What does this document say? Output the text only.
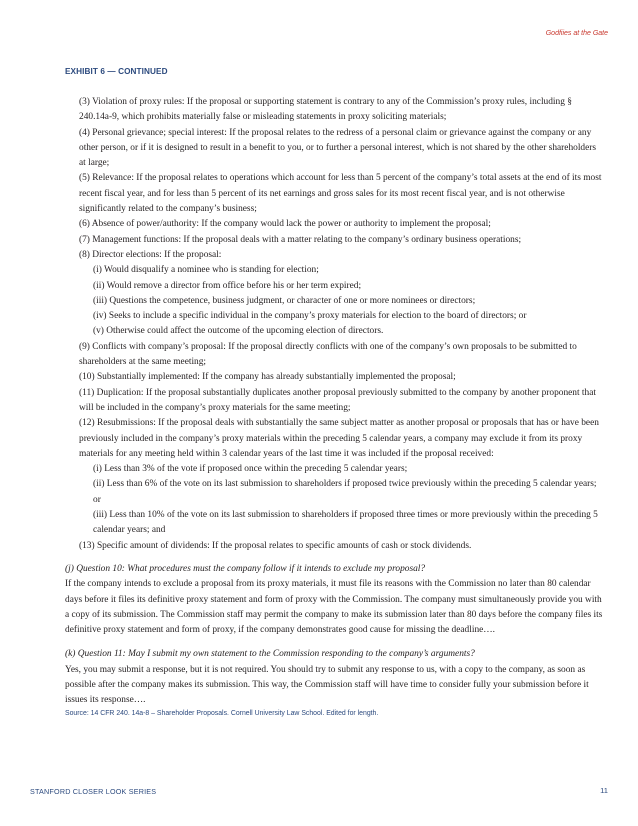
Godfiies at the Gate
EXHIBIT 6 — CONTINUED

(3) Violation of proxy rules: If the proposal or supporting statement is contrary to any of the Commission’s proxy rules, including § 240.14a-9, which prohibits materially false or misleading statements in proxy soliciting materials;

(4) Personal grievance; special interest: If the proposal relates to the redress of a personal claim or grievance against the company or any other person, or if it is designed to result in a benefit to you, or to further a personal interest, which is not shared by the other shareholders at large;

(5) Relevance: If the proposal relates to operations which account for less than 5 percent of the company’s total assets at the end of its most recent fiscal year, and for less than 5 percent of its net earnings and gross sales for its most recent fiscal year, and is not otherwise significantly related to the company’s business;

(6) Absence of power/authority: If the company would lack the power or authority to implement the proposal;

(7) Management functions: If the proposal deals with a matter relating to the company’s ordinary business operations;

(8) Director elections: If the proposal:

(i) Would disqualify a nominee who is standing for election;

(ii) Would remove a director from office before his or her term expired;

(iii) Questions the competence, business judgment, or character of one or more nominees or directors;

(iv) Seeks to include a specific individual in the company’s proxy materials for election to the board of directors; or

(v) Otherwise could affect the outcome of the upcoming election of directors.

(9) Conflicts with company’s proposal: If the proposal directly conflicts with one of the company’s own proposals to be submitted to shareholders at the same meeting;

(10) Substantially implemented: If the company has already substantially implemented the proposal;

(11) Duplication: If the proposal substantially duplicates another proposal previously submitted to the company by another proponent that will be included in the company’s proxy materials for the same meeting;

(12) Resubmissions: If the proposal deals with substantially the same subject matter as another proposal or proposals that has or have been previously included in the company’s proxy materials within the preceding 5 calendar years, a company may exclude it from its proxy materials for any meeting held within 3 calendar years of the last time it was included if the proposal received:

(i) Less than 3% of the vote if proposed once within the preceding 5 calendar years;

(ii) Less than 6% of the vote on its last submission to shareholders if proposed twice previously within the preceding 5 calendar years; or

(iii) Less than 10% of the vote on its last submission to shareholders if proposed three times or more previously within the preceding 5 calendar years; and

(13) Specific amount of dividends: If the proposal relates to specific amounts of cash or stock dividends.

(j) Question 10: What procedures must the company follow if it intends to exclude my proposal?

If the company intends to exclude a proposal from its proxy materials, it must file its reasons with the Commission no later than 80 calendar days before it files its definitive proxy statement and form of proxy with the Commission. The company must simultaneously provide you with a copy of its submission. The Commission staff may permit the company to make its submission later than 80 days before the company files its definitive proxy statement and form of proxy, if the company demonstrates good cause for missing the deadline….

(k) Question 11: May I submit my own statement to the Commission responding to the company’s arguments?

Yes, you may submit a response, but it is not required. You should try to submit any response to us, with a copy to the company, as soon as possible after the company makes its submission. This way, the Commission staff will have time to consider fully your submission before it issues its response….

Source: 14 CFR 240. 14a-8 – Shareholder Proposals. Cornell University Law School. Edited for length.

STANFORD CLOSER LOOK SERIES	11
